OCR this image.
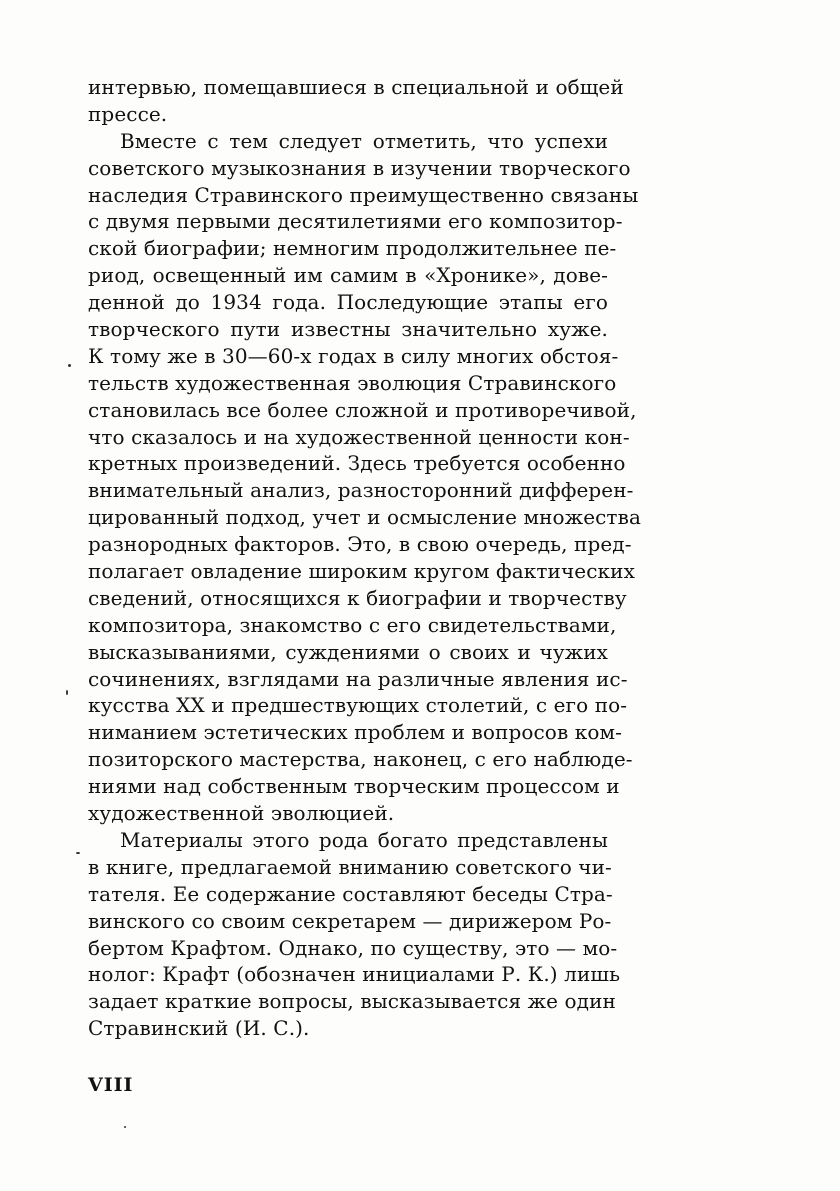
интервью, помещавшиеся в специальной и общей
прессе.
Вместе с тем следует отметить, что успехи
советского музыкознания в изучении творческого
наследия Стравинского преимущественно связаны
с двумя первыми десятилетиями его композитор-
ской биографии; немногим продолжительнее пе-
риод, освещенный им самим в «Хронике», дове-
денной до 1934 года. Последующие этапы его
творческого пути известны значительно хуже.
К тому же в 30—60-х годах в силу многих обстоя-
тельств художественная эволюция Стравинского
становилась все более сложной и противоречивой,
что сказалось и на художественной ценности кон-
кретных произведений. Здесь требуется особенно
внимательный анализ, разносторонний дифферен-
цированный подход, учет и осмысление множества
разнородных факторов. Это, в свою очередь, пред-
полагает овладение широким кругом фактических
сведений, относящихся к биографии и творчеству
композитора, знакомство с его свидетельствами,
высказываниями, суждениями о своих и чужих
сочинениях, взглядами на различные явления ис-
кусства XX и предшествующих столетий, с его по-
ниманием эстетических проблем и вопросов ком-
позиторского мастерства, наконец, с его наблюде-
ниями над собственным творческим процессом и
художественной эволюцией.
Материалы этого рода богато представлены
в книге, предлагаемой вниманию советского чи-
тателя. Ее содержание составляют беседы Стра-
винского со своим секретарем — дирижером Ро-
бертом Крафтом. Однако, по существу, это — мо-
нолог: Крафт (обозначен инициалами Р. К.) лишь
задает краткие вопросы, высказывается же один
Стравинский (И. С.).
VIII
